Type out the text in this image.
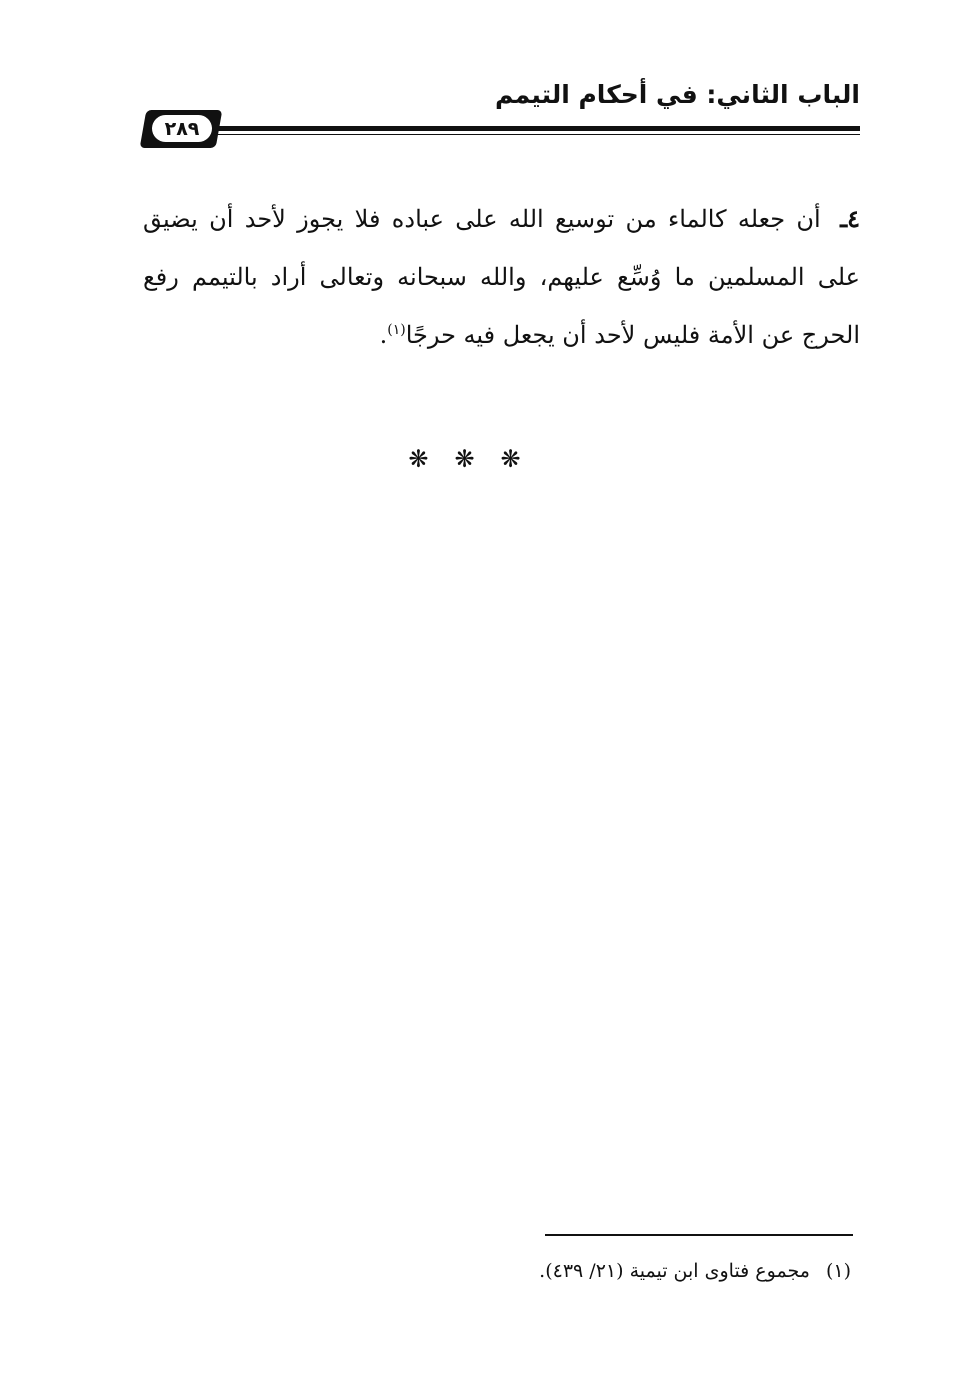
الباب الثاني: في أحكام التيمم
٢٨٩
٤ـ أن جعله كالماء من توسيع الله على عباده فلا يجوز لأحد أن يضيق على المسلمين ما وُسِّع عليهم، والله سبحانه وتعالى أراد بالتيمم رفع الحرج عن الأمة فليس لأحد أن يجعل فيه حرجًا$^{(١)}$.
❋❋❋
(١) مجموع فتاوى ابن تيمية (٢١/ ٤٣٩).
